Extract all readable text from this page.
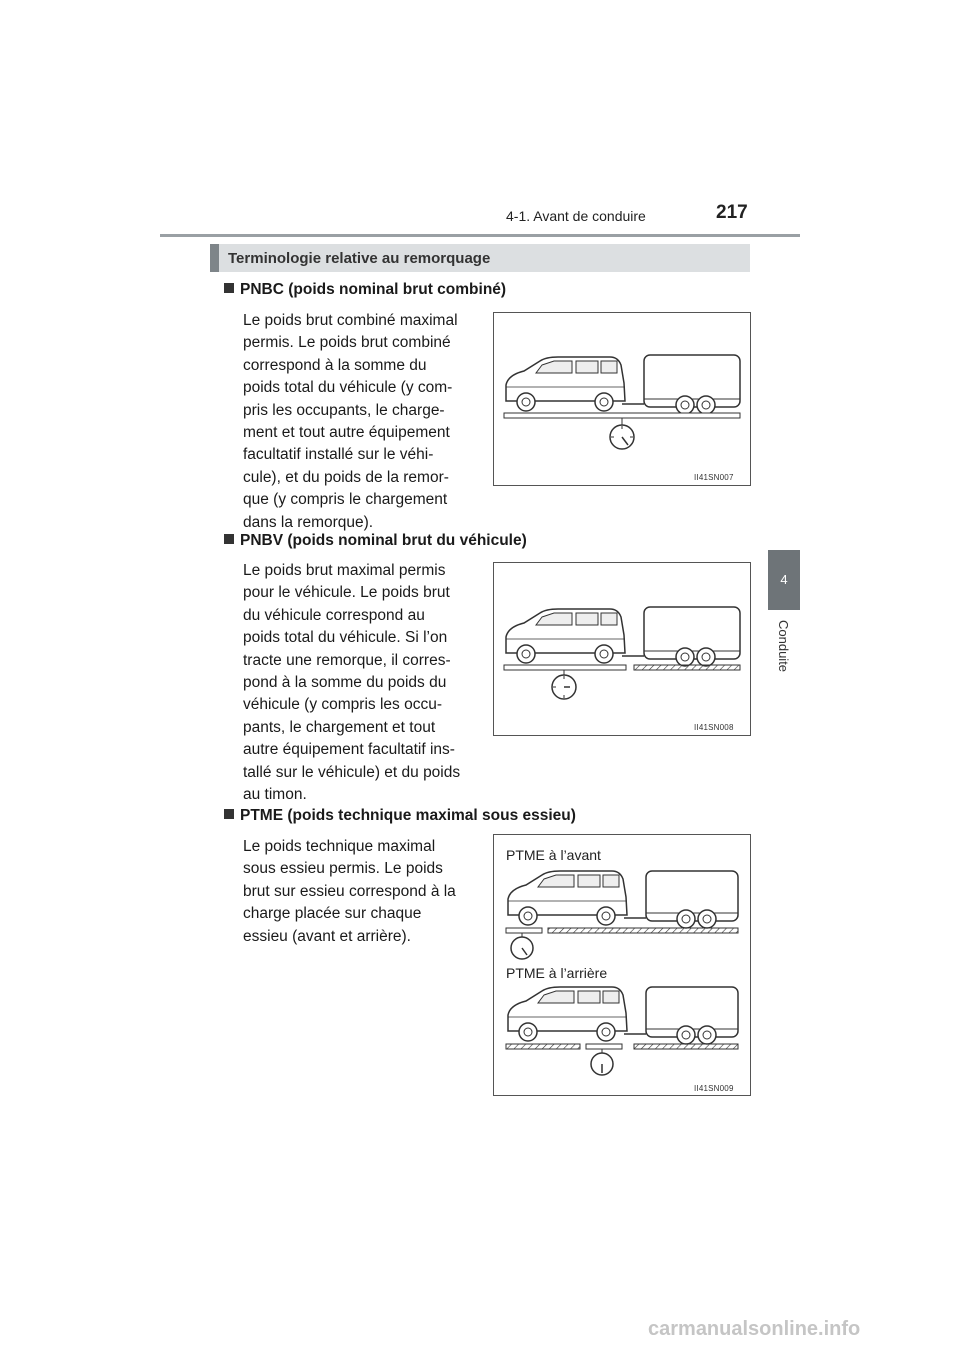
4-1. Avant de conduire	217
4
Conduite
Terminologie relative au remorquage
PNBC (poids nominal brut combiné)
Le poids brut combiné maximal
permis. Le poids brut combiné
correspond à la somme du
poids total du véhicule (y com-
pris les occupants, le charge-
ment et tout autre équipement
facultatif installé sur le véhi-
cule), et du poids de la remor-
que (y compris le chargement
dans la remorque).
II41SN007
PNBV (poids nominal brut du véhicule)
Le poids brut maximal permis
pour le véhicule. Le poids brut
du véhicule correspond au
poids total du véhicule. Si l’on
tracte une remorque, il corres-
pond à la somme du poids du
véhicule (y compris les occu-
pants, le chargement et tout
autre équipement facultatif ins-
tallé sur le véhicule) et du poids
au timon.
II41SN008
PTME (poids technique maximal sous essieu)
Le poids technique maximal
sous essieu permis. Le poids
brut sur essieu correspond à la
charge placée sur chaque
essieu (avant et arrière).
PTME à l’avant
PTME à l’arrière
II41SN009
carmanualsonline.info
